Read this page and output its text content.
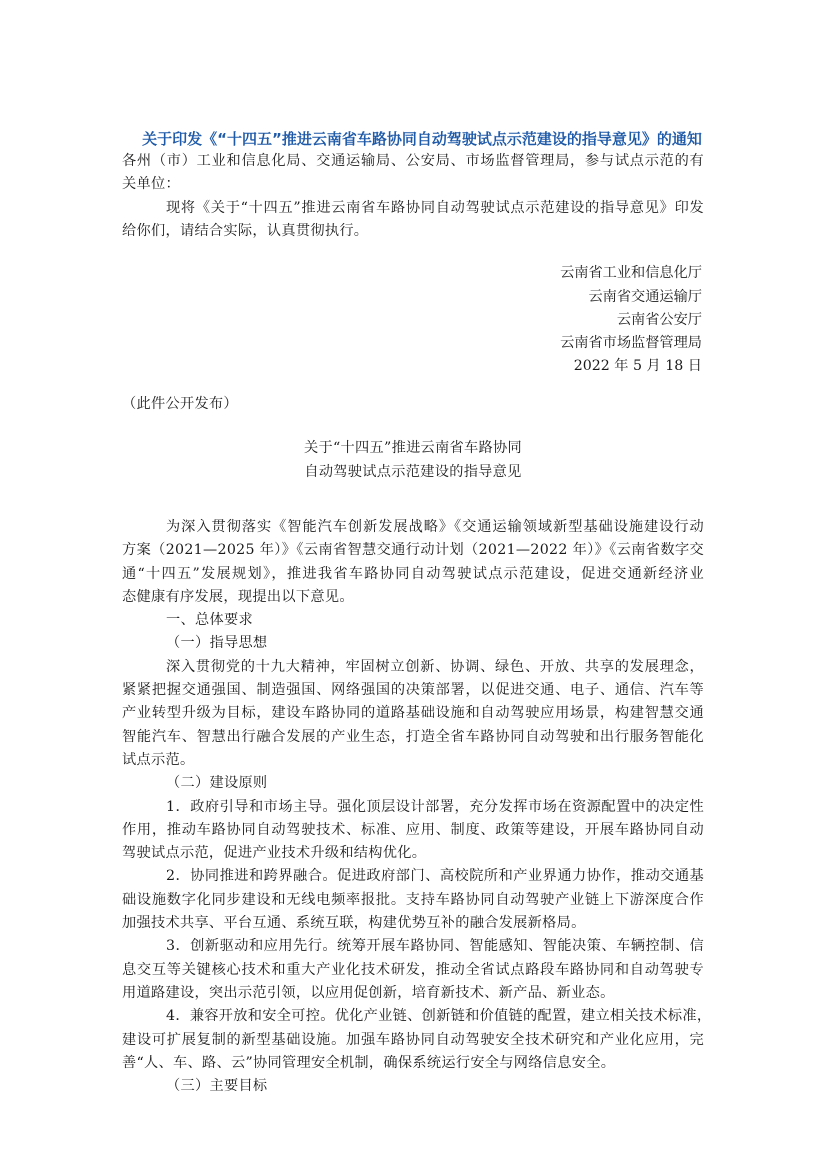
关于印发《“十四五”推进云南省车路协同自动驾驶试点示范建设的指导意见》的通知
各州（市）工业和信息化局、交通运输局、公安局、市场监督管理局，参与试点示范的有
关单位：
现将《关于“十四五”推进云南省车路协同自动驾驶试点示范建设的指导意见》印发
给你们，请结合实际，认真贯彻执行。
云南省工业和信息化厅
云南省交通运输厅
云南省公安厅
云南省市场监督管理局
2022 年 5 月 18 日
（此件公开发布）
关于“十四五”推进云南省车路协同
自动驾驶试点示范建设的指导意见
为深入贯彻落实《智能汽车创新发展战略》《交通运输领域新型基础设施建设行动
方案（2021—2025 年）》《云南省智慧交通行动计划（2021—2022 年）》《云南省数字交
通“十四五”发展规划》，推进我省车路协同自动驾驶试点示范建设，促进交通新经济业
态健康有序发展，现提出以下意见。
一、总体要求
（一）指导思想
深入贯彻党的十九大精神，牢固树立创新、协调、绿色、开放、共享的发展理念，
紧紧把握交通强国、制造强国、网络强国的决策部署，以促进交通、电子、通信、汽车等
产业转型升级为目标，建设车路协同的道路基础设施和自动驾驶应用场景，构建智慧交通
智能汽车、智慧出行融合发展的产业生态，打造全省车路协同自动驾驶和出行服务智能化
试点示范。
（二）建设原则
1．政府引导和市场主导。强化顶层设计部署，充分发挥市场在资源配置中的决定性
作用，推动车路协同自动驾驶技术、标准、应用、制度、政策等建设，开展车路协同自动
驾驶试点示范，促进产业技术升级和结构优化。
2．协同推进和跨界融合。促进政府部门、高校院所和产业界通力协作，推动交通基
础设施数字化同步建设和无线电频率报批。支持车路协同自动驾驶产业链上下游深度合作
加强技术共享、平台互通、系统互联，构建优势互补的融合发展新格局。
3．创新驱动和应用先行。统筹开展车路协同、智能感知、智能决策、车辆控制、信
息交互等关键核心技术和重大产业化技术研发，推动全省试点路段车路协同和自动驾驶专
用道路建设，突出示范引领，以应用促创新，培育新技术、新产品、新业态。
4．兼容开放和安全可控。优化产业链、创新链和价值链的配置，建立相关技术标准，
建设可扩展复制的新型基础设施。加强车路协同自动驾驶安全技术研究和产业化应用，完
善“人、车、路、云”协同管理安全机制，确保系统运行安全与网络信息安全。
（三）主要目标
